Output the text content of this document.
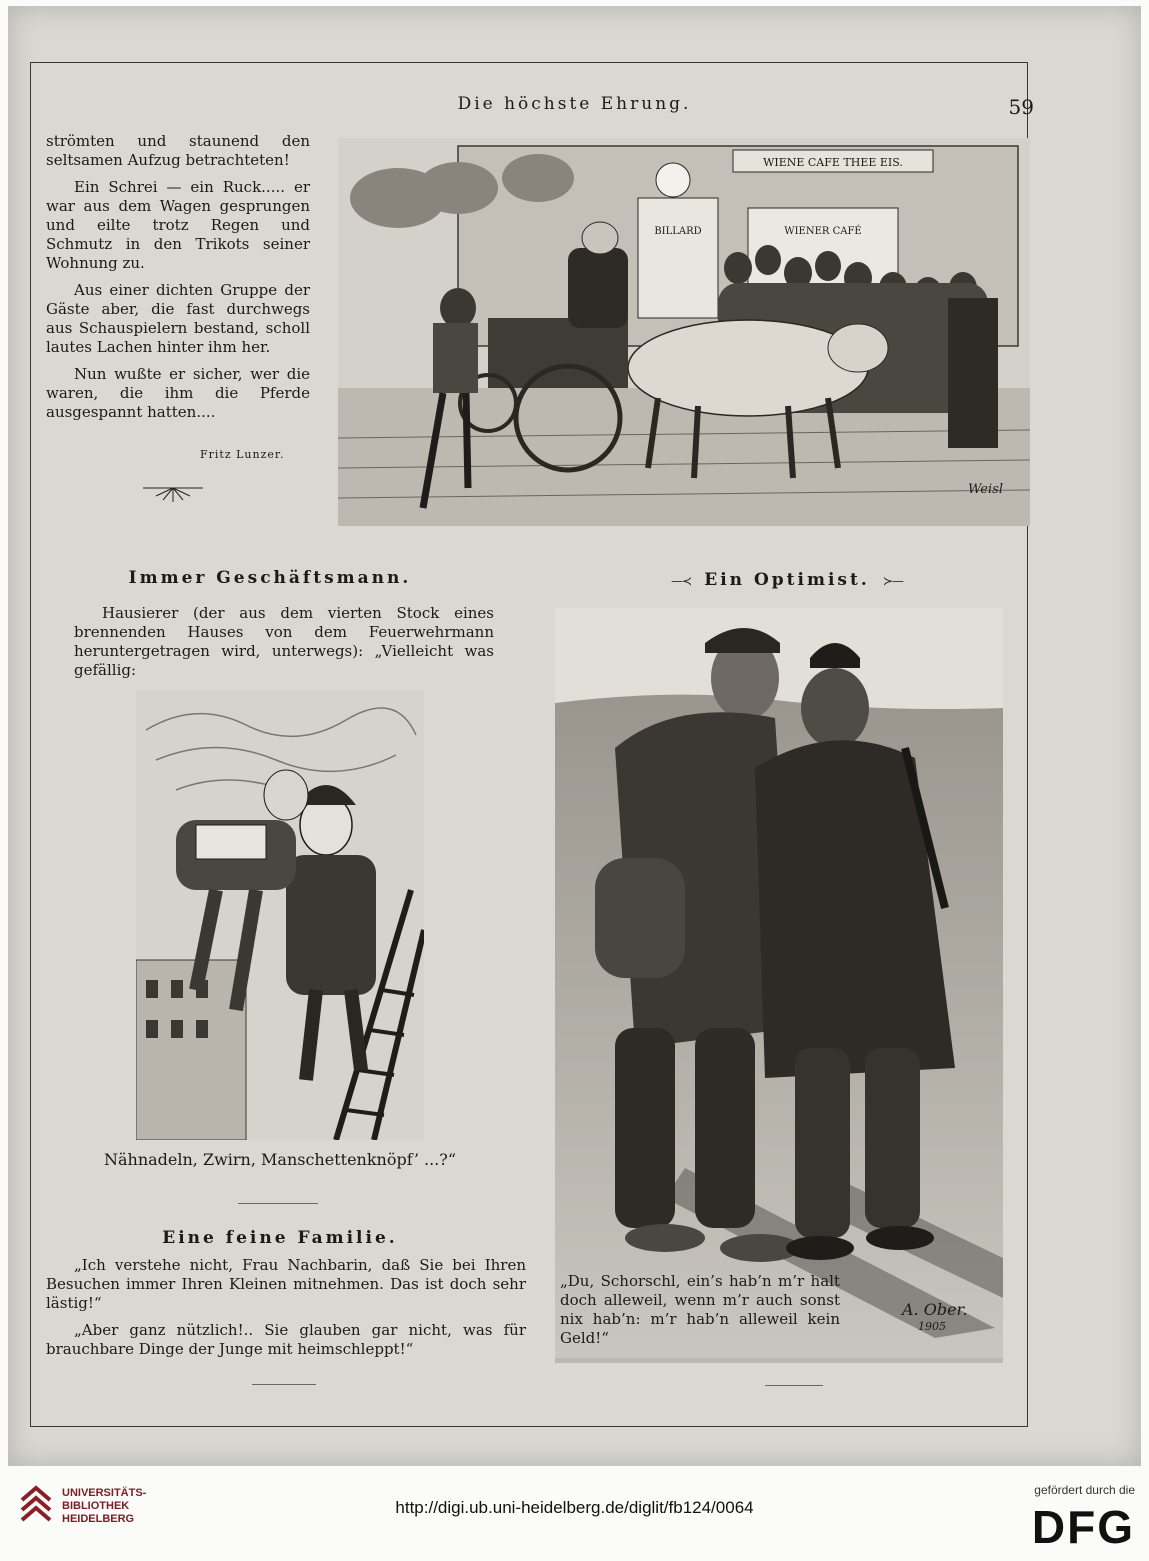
Die höchste Ehrung.	59

strömten und staunend den seltsamen Aufzug betrachteten!

Ein Schrei — ein Ruck..... er war aus dem Wagen gesprungen und eilte trotz Regen und Schmutz in den Trikots seiner Wohnung zu.

Aus einer dichten Gruppe der Gäste aber, die fast durchwegs aus Schauspielern bestand, scholl lautes Lachen hinter ihm her.

Nun wußte er sicher, wer die waren, die ihm die Pferde ausgespannt hatten....

Fritz Lunzer.
WIENE CAFE THEE EIS.
BILLARD	WIENER CAFÉ
Weisl
Immer Geschäftsmann.

Hausierer (der aus dem vierten Stock eines brennenden Hauses von dem Feuerwehrmann heruntergetragen wird, unterwegs): „Vielleicht was gefällig:

Nähnadeln, Zwirn, Manschettenknöpf’ ...?“
Eine feine Familie.

„Ich verstehe nicht, Frau Nachbarin, daß Sie bei Ihren Besuchen immer Ihren Kleinen mitnehmen. Das ist doch sehr lästig!“

„Aber ganz nützlich!.. Sie glauben gar nicht, was für brauchbare Dinge der Junge mit heimschleppt!“

—≺ Ein Optimist. ≻—
„Du, Schorschl, ein’s hab’n m’r halt doch alleweil, wenn m’r auch sonst nix hab’n: m’r hab’n alleweil kein Geld!“
A. Ober.
1905
UNIVERSITÄTS-
BIBLIOTHEK
HEIDELBERG
http://digi.ub.uni-heidelberg.de/diglit/fb124/0064
gefördert durch die
DFG
